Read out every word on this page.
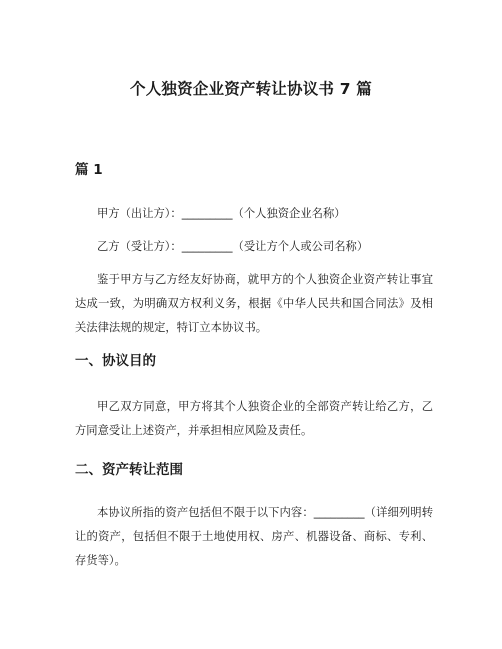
个人独资企业资产转让协议书 7 篇
篇 1

甲方（出让方）：_________（个人独资企业名称）

乙方（受让方）：_________（受让方个人或公司名称）

鉴于甲方与乙方经友好协商，就甲方的个人独资企业资产转让事宜达成一致，为明确双方权利义务，根据《中华人民共和国合同法》及相关法律法规的规定，特订立本协议书。

一、协议目的

甲乙双方同意，甲方将其个人独资企业的全部资产转让给乙方，乙方同意受让上述资产，并承担相应风险及责任。

二、资产转让范围

本协议所指的资产包括但不限于以下内容：_________（详细列明转让的资产，包括但不限于土地使用权、房产、机器设备、商标、专利、存货等）。
